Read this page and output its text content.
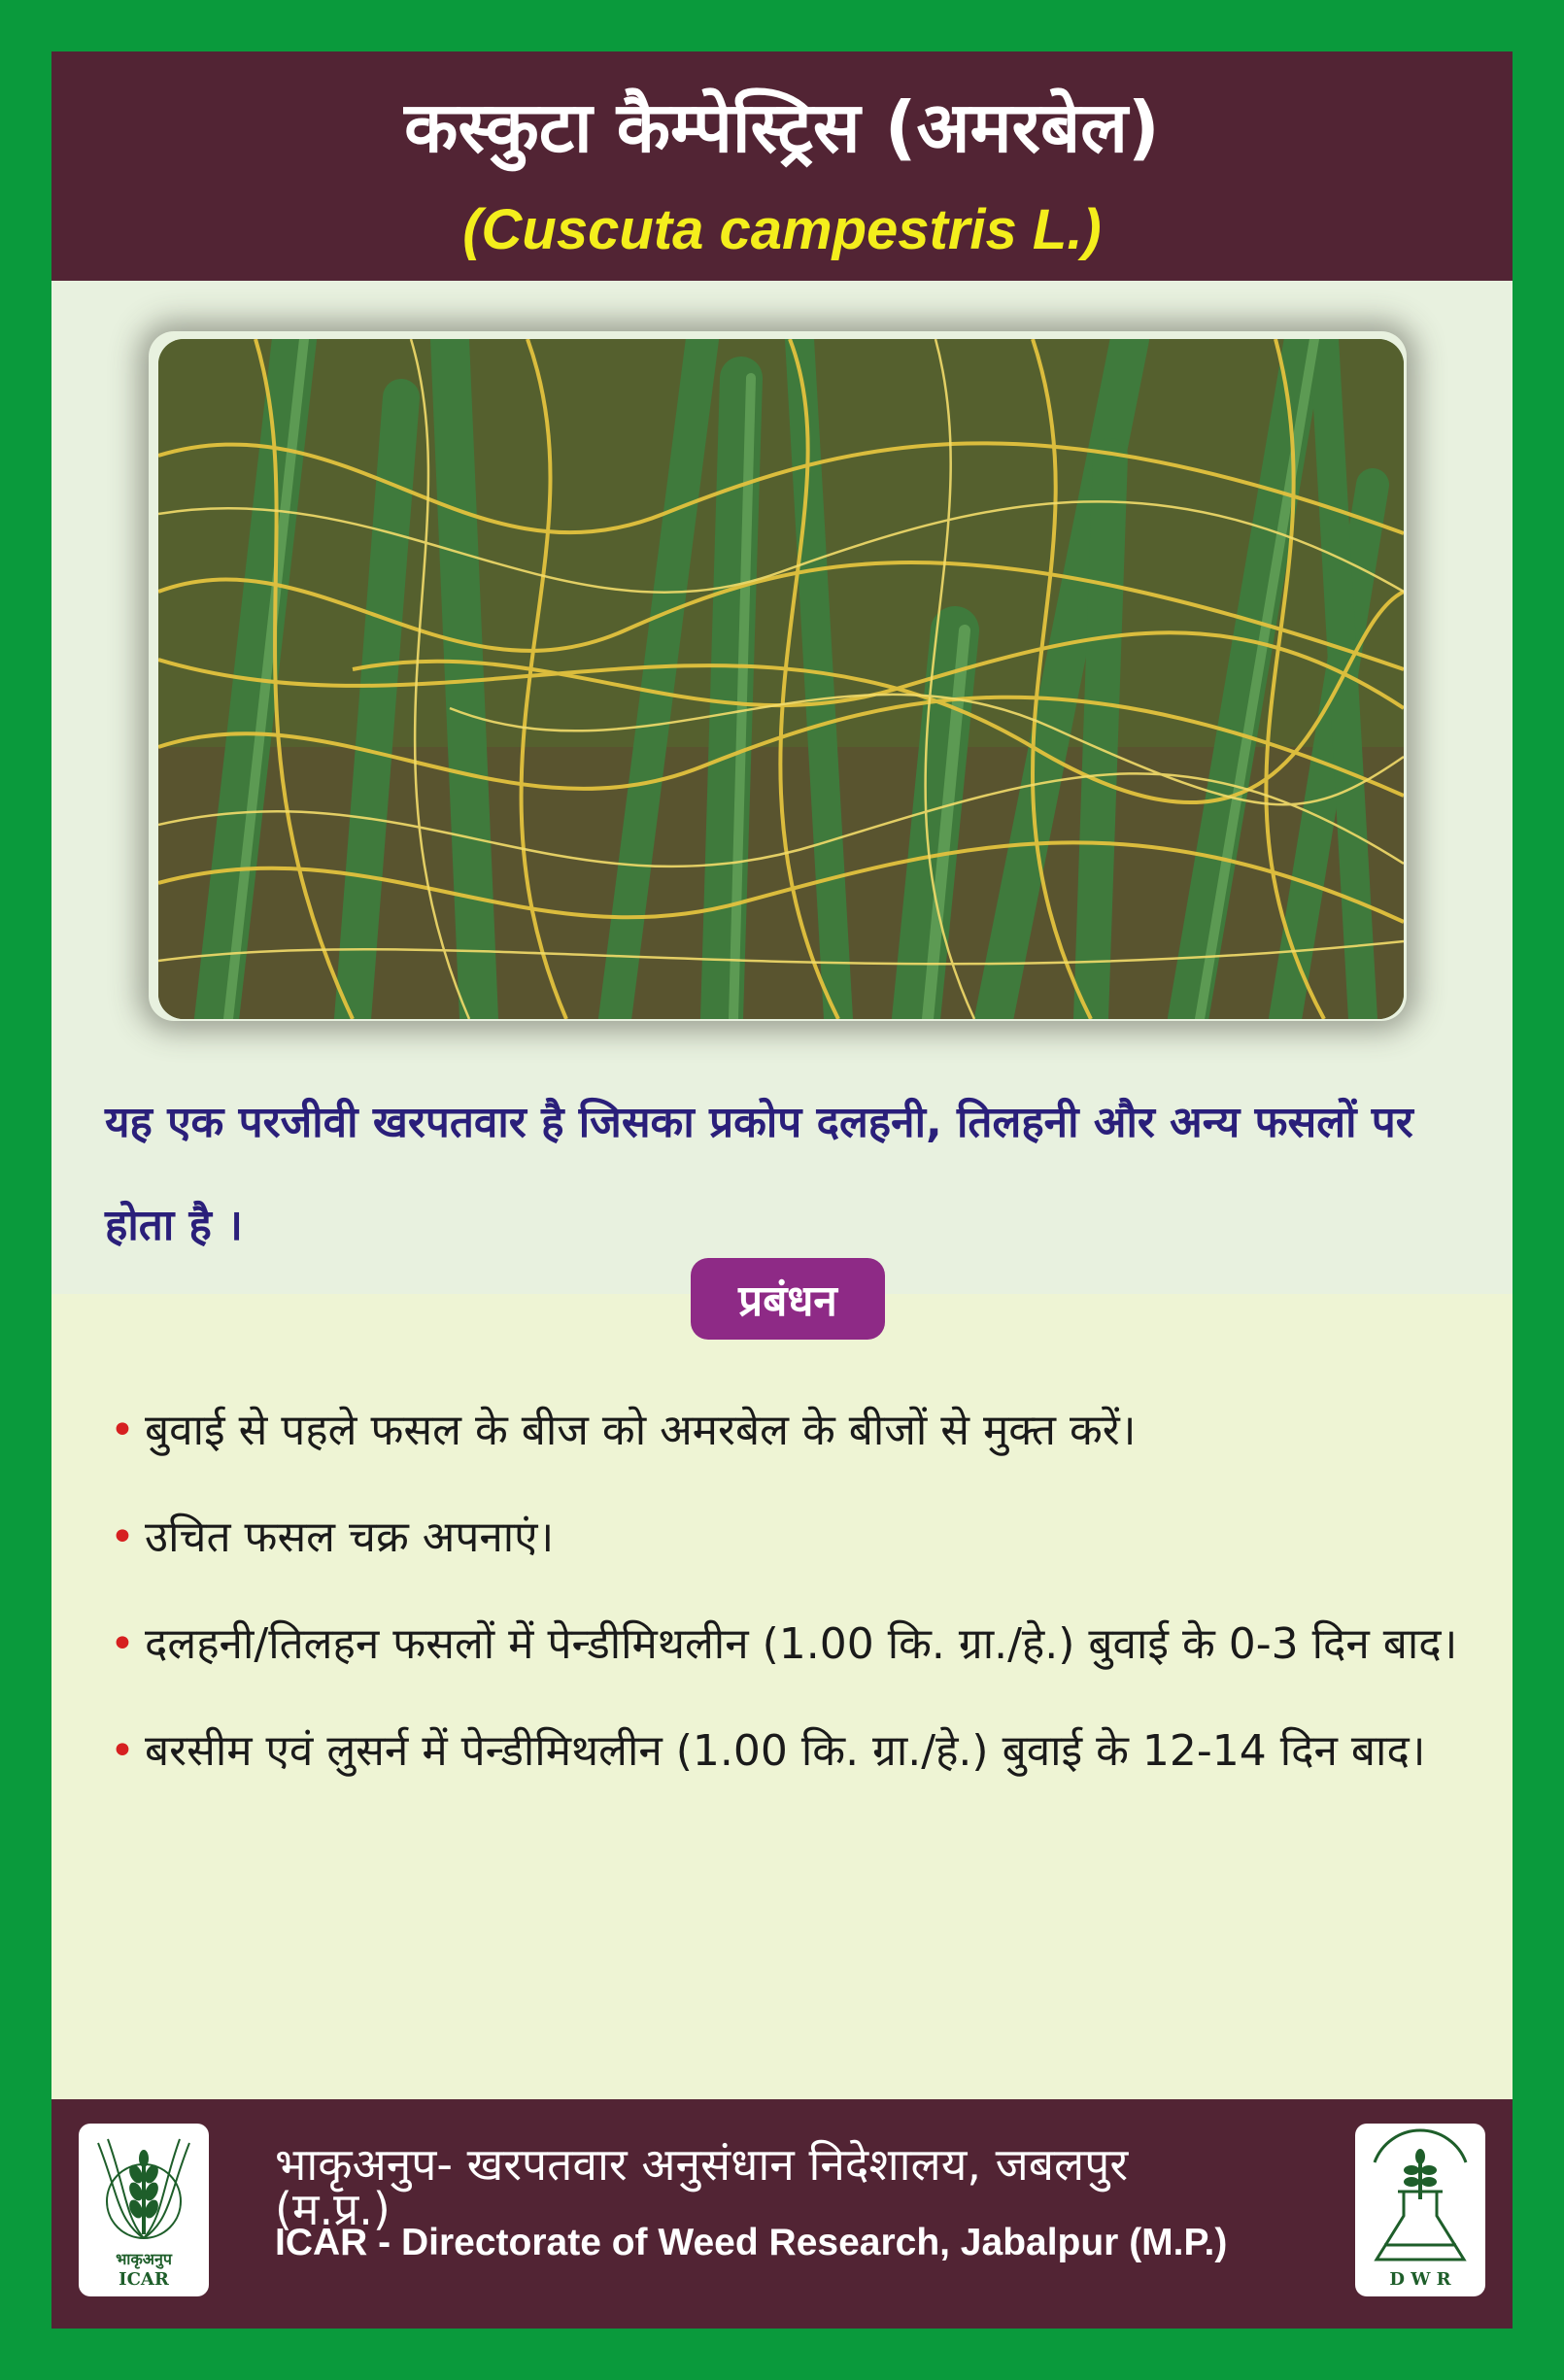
कस्कुटा कैम्पेस्ट्रिस (अमरबेल)
(Cuscuta campestris L.)
यह एक परजीवी खरपतवार है जिसका प्रकोप दलहनी, तिलहनी और अन्य फसलों पर होता है ।
प्रबंधन
• बुवाई से पहले फसल के बीज को अमरबेल के बीजों से मुक्त करें।
• उचित फसल चक्र अपनाएं।
• दलहनी/तिलहन फसलों में पेन्डीमिथलीन (1.00 कि. ग्रा./हे.) बुवाई के 0-3 दिन बाद।
• बरसीम एवं लुसर्न में पेन्डीमिथलीन (1.00 कि. ग्रा./हे.) बुवाई के 12-14 दिन बाद।
भाकृअनुप
ICAR
भाकृअनुप- खरपतवार अनुसंधान निदेशालय, जबलपुर (म.प्र.)
ICAR - Directorate of Weed Research, Jabalpur (M.P.)
D W R
